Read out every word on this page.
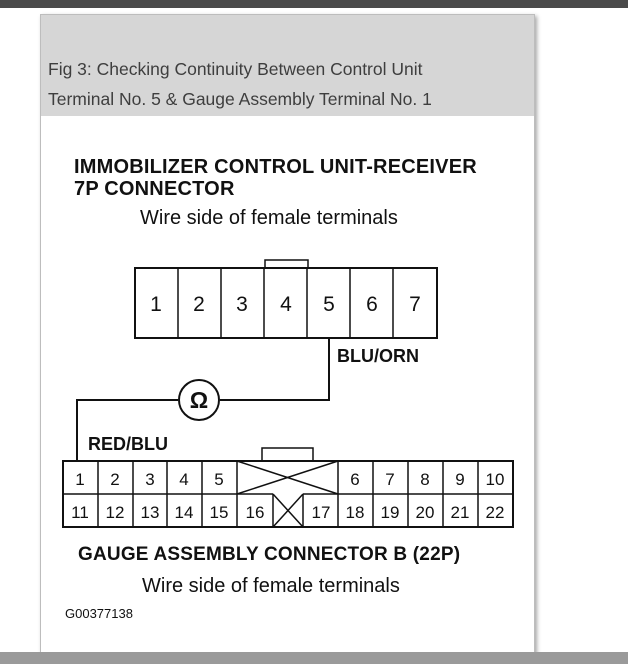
Fig 3: Checking Continuity Between Control Unit
Terminal No. 5 & Gauge Assembly Terminal No. 1
IMMOBILIZER CONTROL UNIT-RECEIVER
7P CONNECTOR
Wire side of female terminals
1 2 3 4 5 6 7
Ω
1 2 3 4 5	6 7 8 9 10
11 12 13 14 15 16	17 18 19 20 21 22
BLU/ORN
RED/BLU
GAUGE ASSEMBLY CONNECTOR B (22P)
Wire side of female terminals
G00377138
